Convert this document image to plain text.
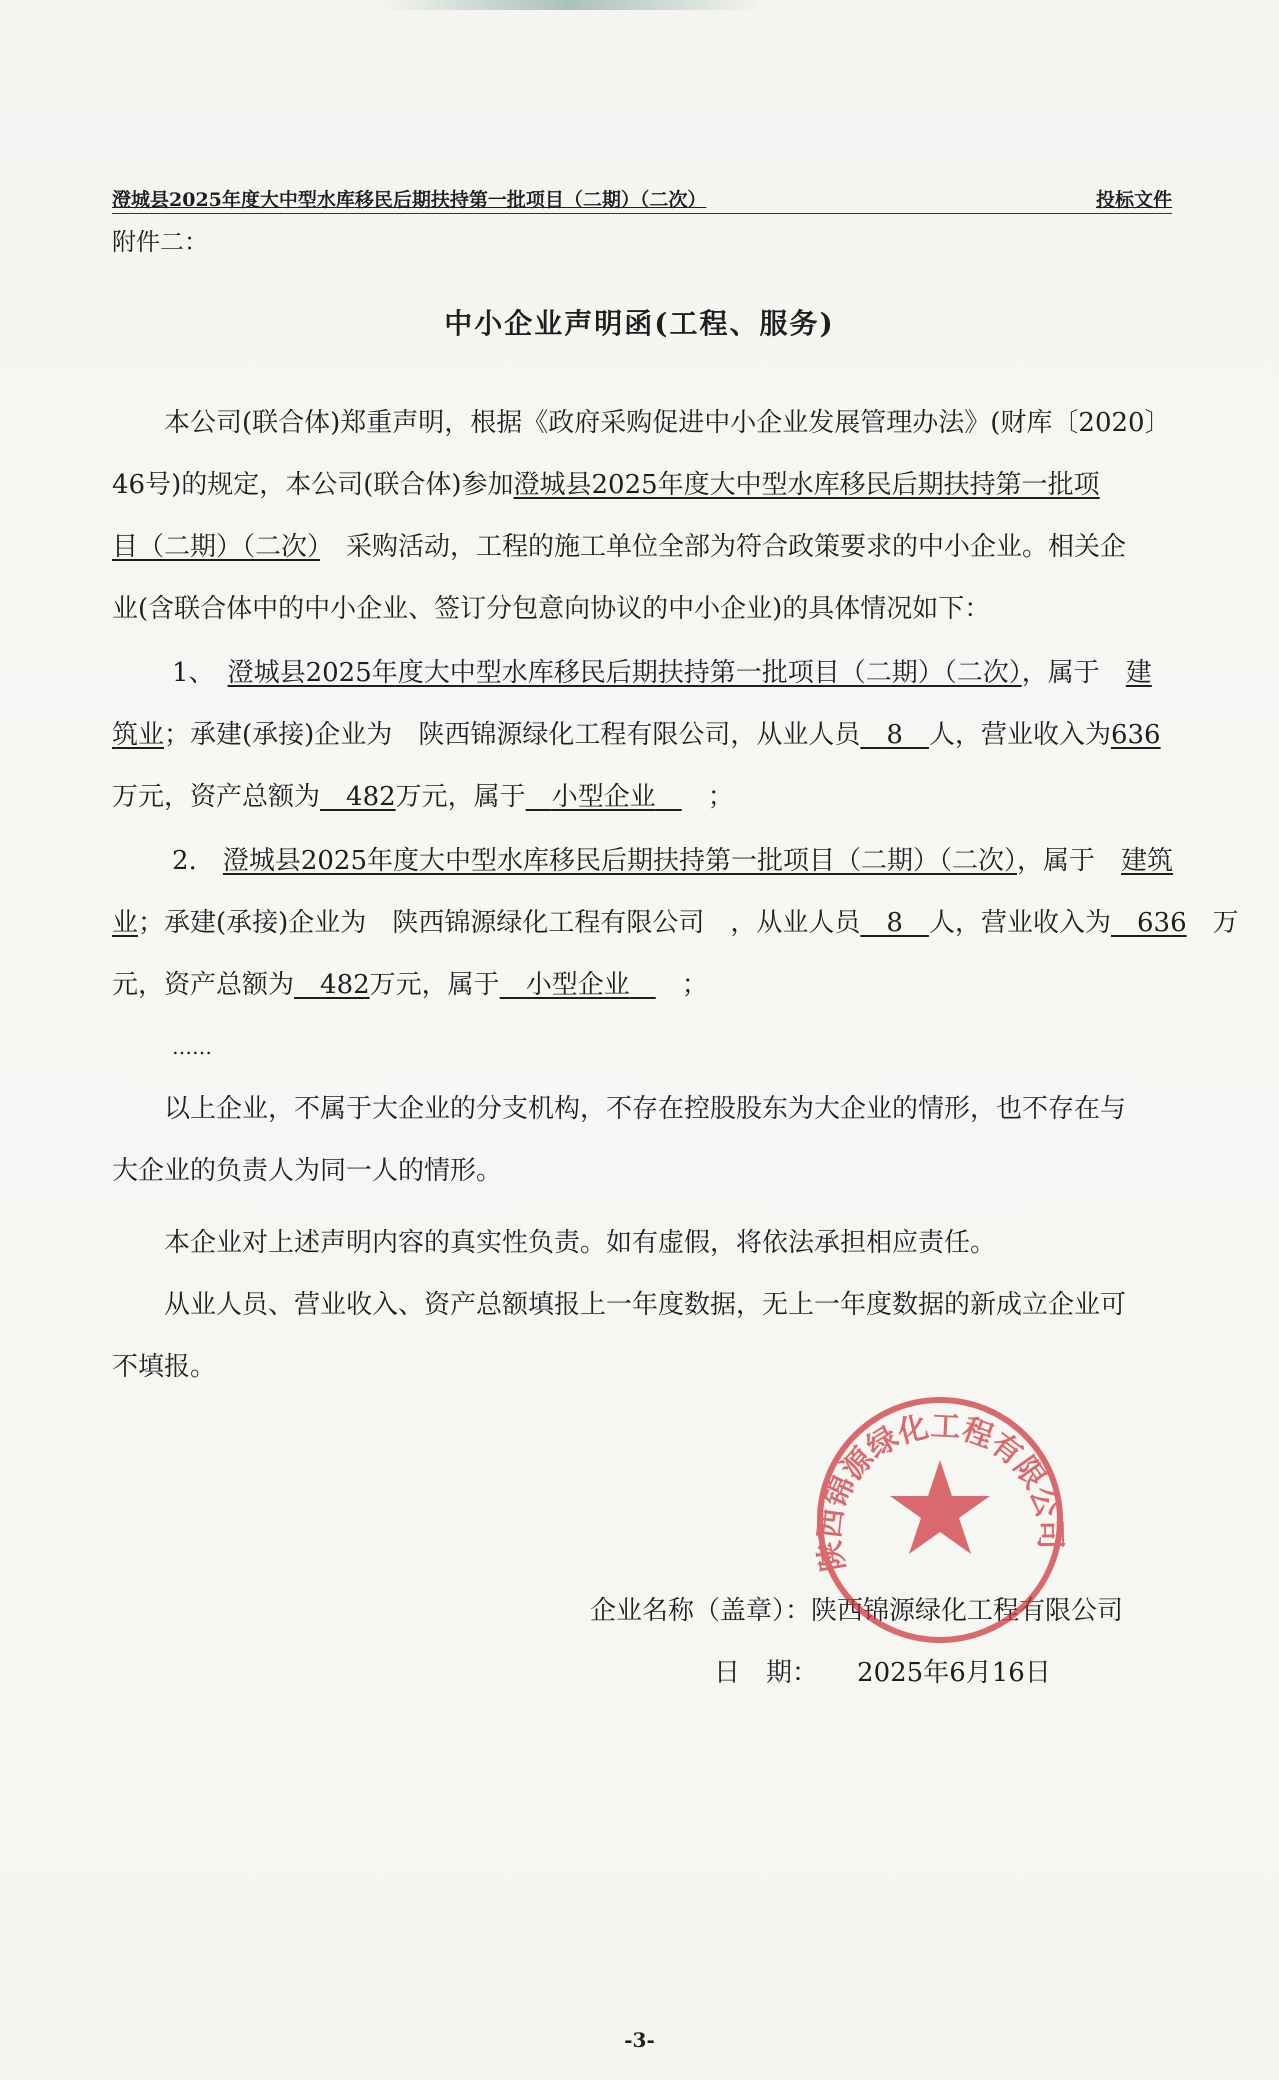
澄城县2025年度大中型水库移民后期扶持第一批项目（二期）（二次）	投标文件
附件二：
中小企业声明函(工程、服务)
本公司(联合体)郑重声明，根据《政府采购促进中小企业发展管理办法》(财库〔2020〕
46号)的规定，本公司(联合体)参加澄城县2025年度大中型水库移民后期扶持第一批项
目（二期）（二次）　 采购活动，工程的施工单位全部为符合政策要求的中小企业。相关企
业(含联合体中的中小企业、签订分包意向协议的中小企业)的具体情况如下：
1、　 澄城县2025年度大中型水库移民后期扶持第一批项目（二期）（二次），属于　 建
筑业；承建(承接)企业为　 陕西锦源绿化工程有限公司，从业人员　 8　 人，营业收入为636
万元，资产总额为　 482万元，属于　 小型企业　　 ；
2.　 澄城县2025年度大中型水库移民后期扶持第一批项目（二期）（二次），属于　 建筑
业；承建(承接)企业为　 陕西锦源绿化工程有限公司　 ，从业人员　 8　 人，营业收入为　 636　 万
元，资产总额为　 482万元，属于　 小型企业　　 ；
……
以上企业，不属于大企业的分支机构，不存在控股股东为大企业的情形，也不存在与
大企业的负责人为同一人的情形。
本企业对上述声明内容的真实性负责。如有虚假，将依法承担相应责任。
从业人员、营业收入、资产总额填报上一年度数据，无上一年度数据的新成立企业可
不填报。
企业名称（盖章）：陕西锦源绿化工程有限公司
日　期：　　 2025年6月16日
陕西锦源绿化工程有限公司
-3-
